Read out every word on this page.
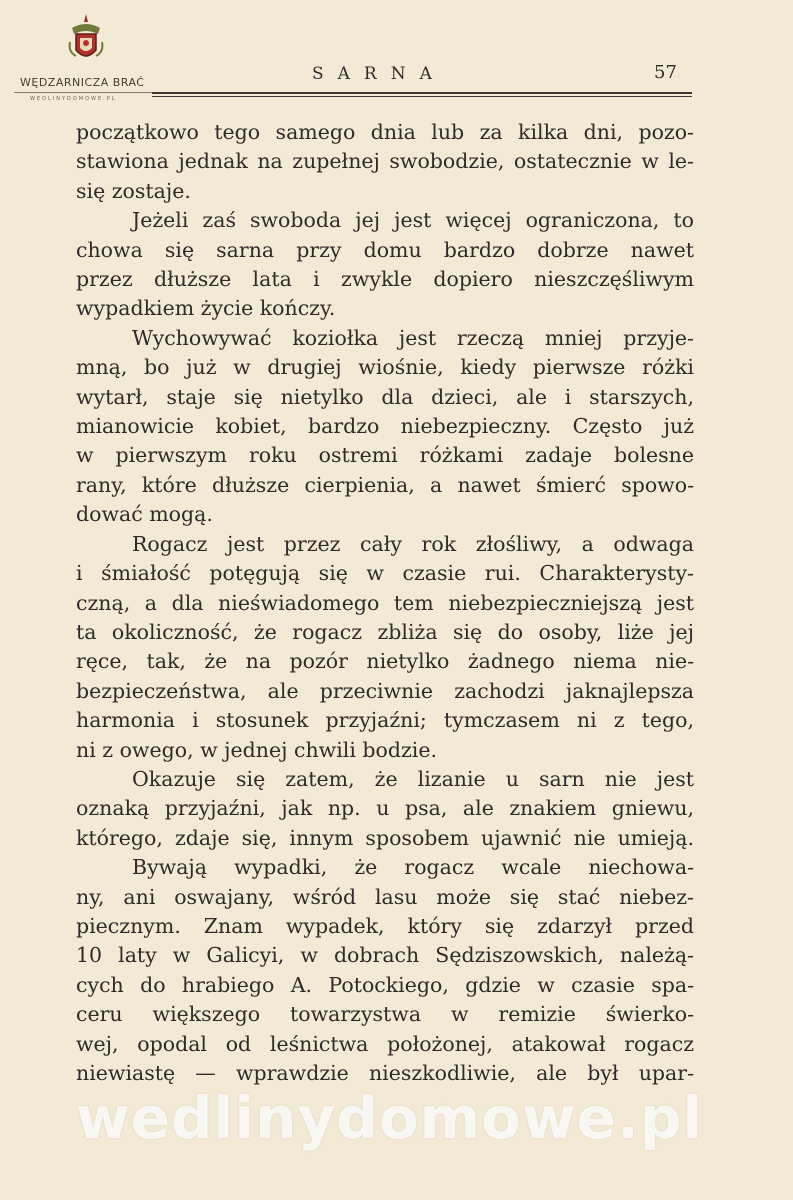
WĘDZARNICZA BRAĆ
WEDLINYDOMOWE.PL
SARNA	57
początkowo tego samego dnia lub za kilka dni, pozo-
stawiona jednak na zupełnej swobodzie, ostatecznie w le-
się zostaje.
Jeżeli zaś swoboda jej jest więcej ograniczona, to
chowa się sarna przy domu bardzo dobrze nawet
przez dłuższe lata i zwykle dopiero nieszczęśliwym
wypadkiem życie kończy.
Wychowywać koziołka jest rzeczą mniej przyje-
mną, bo już w drugiej wiośnie, kiedy pierwsze różki
wytarł, staje się nietylko dla dzieci, ale i starszych,
mianowicie kobiet, bardzo niebezpieczny. Często już
w pierwszym roku ostremi różkami zadaje bolesne
rany, które dłuższe cierpienia, a nawet śmierć spowo-
dować mogą.
Rogacz jest przez cały rok złośliwy, a odwaga
i śmiałość potęgują się w czasie rui. Charakterysty-
czną, a dla nieświadomego tem niebezpieczniejszą jest
ta okoliczność, że rogacz zbliża się do osoby, liże jej
ręce, tak, że na pozór nietylko żadnego niema nie-
bezpieczeństwa, ale przeciwnie zachodzi jaknajlepsza
harmonia i stosunek przyjaźni; tymczasem ni z tego,
ni z owego, w jednej chwili bodzie.
Okazuje się zatem, że lizanie u sarn nie jest
oznaką przyjaźni, jak np. u psa, ale znakiem gniewu,
którego, zdaje się, innym sposobem ujawnić nie umieją.
Bywają wypadki, że rogacz wcale niechowa-
ny, ani oswajany, wśród lasu może się stać niebez-
piecznym. Znam wypadek, który się zdarzył przed
10 laty w Galicyi, w dobrach Sędziszowskich, należą-
cych do hrabiego A. Potockiego, gdzie w czasie spa-
ceru większego towarzystwa w remizie świerko-
wej, opodal od leśnictwa położonej, atakował rogacz
niewiastę — wprawdzie nieszkodliwie, ale był upar-
wedlinydomowe.pl
